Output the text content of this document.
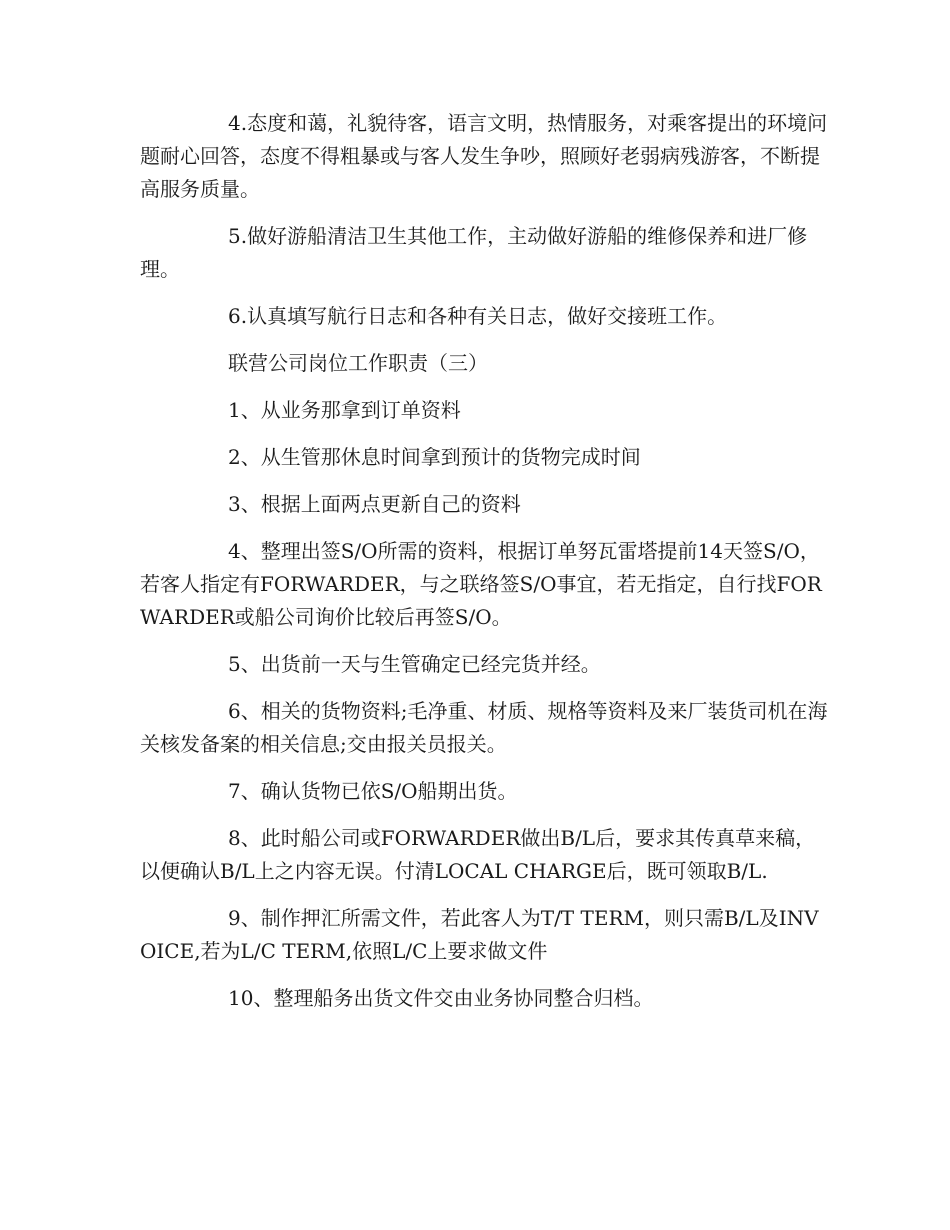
4.态度和蔼，礼貌待客，语言文明，热情服务，对乘客提出的环境问题耐心回答，态度不得粗暴或与客人发生争吵，照顾好老弱病残游客，不断提高服务质量。

5.做好游船清洁卫生其他工作，主动做好游船的维修保养和进厂修理。

6.认真填写航行日志和各种有关日志，做好交接班工作。

联营公司岗位工作职责（三）

1、从业务那拿到订单资料

2、从生管那休息时间拿到预计的货物完成时间

3、根据上面两点更新自己的资料

4、整理出签S/O所需的资料，根据订单努瓦雷塔提前14天签S/O，若客人指定有FORWARDER，与之联络签S/O事宜，若无指定，自行找FORWARDER或船公司询价比较后再签S/O。

5、出货前一天与生管确定已经完货并经。

6、相关的货物资料;毛净重、材质、规格等资料及来厂装货司机在海关核发备案的相关信息;交由报关员报关。

7、确认货物已依S/O船期出货。

8、此时船公司或FORWARDER做出B/L后，要求其传真草来稿，以便确认B/L上之内容无误。付清LOCAL CHARGE后，既可领取B/L.

9、制作押汇所需文件，若此客人为T/T TERM，则只需B/L及INVOICE,若为L/C TERM,依照L/C上要求做文件

10、整理船务出货文件交由业务协同整合归档。
